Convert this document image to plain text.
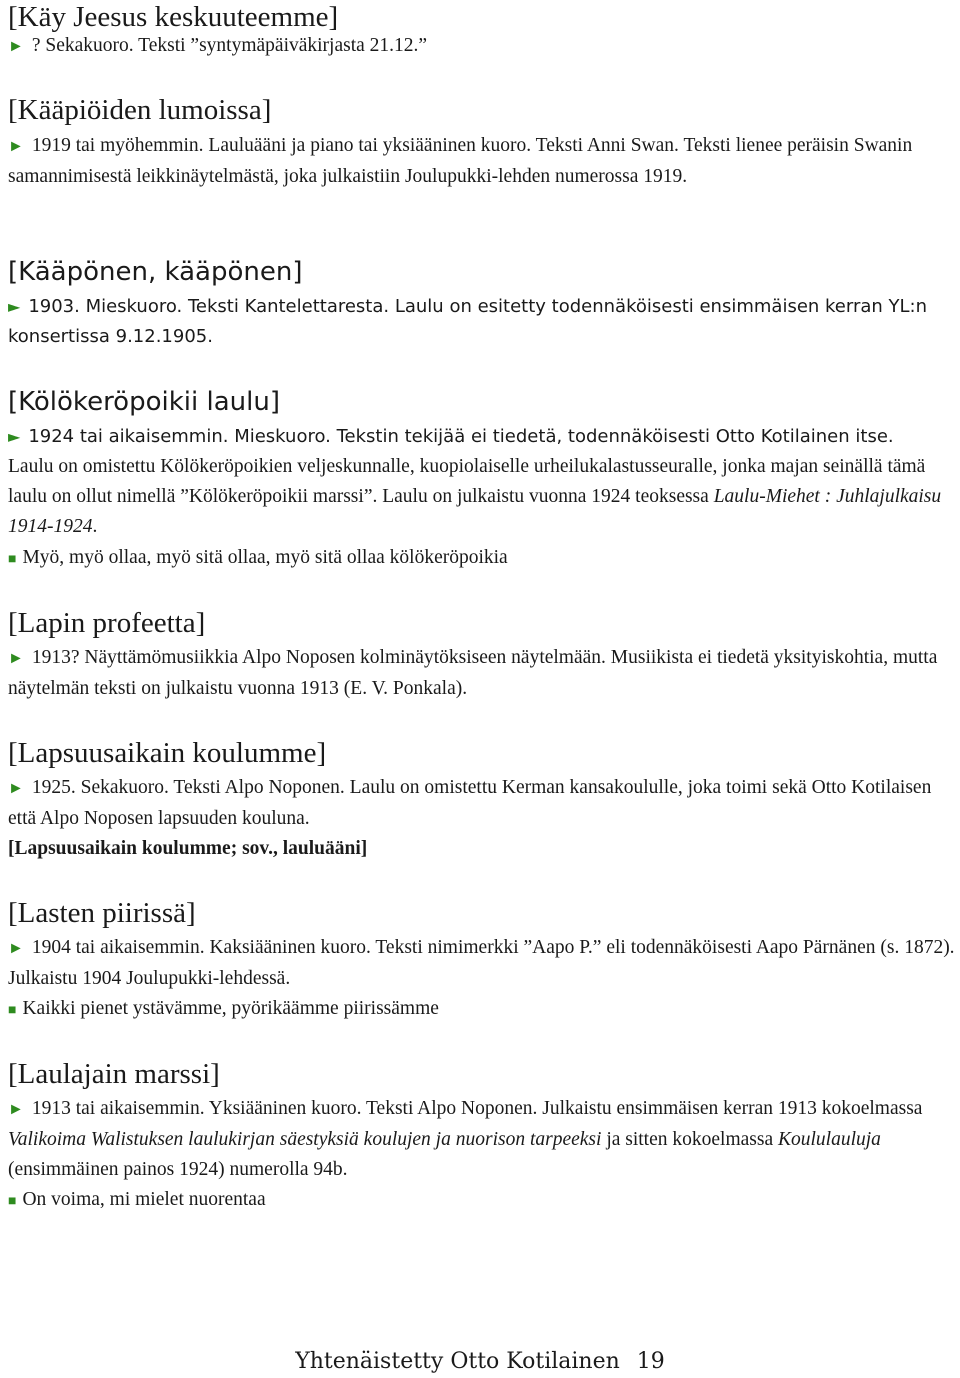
[Käy Jeesus keskuuteemme]

► ? Sekakuoro. Teksti ”syntymäpäiväkirjasta 21.12.”

[Kääpiöiden lumoissa]

► 1919 tai myöhemmin. Lauluääni ja piano tai yksiääninen kuoro. Teksti Anni Swan. Teksti lienee peräisin Swanin samannimisestä leikkinäytelmästä, joka julkaistiin Joulupukki-lehden numerossa 1919.

[Kääpönen, kääpönen]

► 1903. Mieskuoro. Teksti Kantelettaresta. Laulu on esitetty todennäköisesti ensimmäisen kerran YL:n konsertissa 9.12.1905.

[Kölökeröpoikii laulu]

► 1924 tai aikaisemmin. Mieskuoro. Tekstin tekijää ei tiedetä, todennäköisesti Otto Kotilainen itse.

Laulu on omistettu Kölökeröpoikien veljeskunnalle, kuopiolaiselle urheilukalastusseuralle, jonka majan seinällä tämä laulu on ollut nimellä ”Kölökeröpoikii marssi”. Laulu on julkaistu vuonna 1924 teoksessa Laulu-Miehet : Juhlajulkaisu 1914-1924.

■ Myö, myö ollaa, myö sitä ollaa, myö sitä ollaa kölökeröpoikia

[Lapin profeetta]

► 1913? Näyttämömusiikkia Alpo Noposen kolminäytöksiseen näytelmään. Musiikista ei tiedetä yksityiskohtia, mutta näytelmän teksti on julkaistu vuonna 1913 (E. V. Ponkala).

[Lapsuusaikain koulumme]

► 1925. Sekakuoro. Teksti Alpo Noponen. Laulu on omistettu Kerman kansakoululle, joka toimi sekä Otto Kotilaisen että Alpo Noposen lapsuuden kouluna.

[Lapsuusaikain koulumme; sov., lauluääni]

[Lasten piirissä]

► 1904 tai aikaisemmin. Kaksiääninen kuoro. Teksti nimimerkki ”Aapo P.” eli todennäköisesti Aapo Pärnänen (s. 1872). Julkaistu 1904 Joulupukki-lehdessä.

■ Kaikki pienet ystävämme, pyörikäämme piirissämme

[Laulajain marssi]

► 1913 tai aikaisemmin. Yksiääninen kuoro. Teksti Alpo Noponen. Julkaistu ensimmäisen kerran 1913 kokoelmassa Valikoima Walistuksen laulukirjan säestyksiä koulujen ja nuorison tarpeeksi ja sitten kokoelmassa Koululauluja (ensimmäinen painos 1924) numerolla 94b.

■ On voima, mi mielet nuorentaa

Yhtenäistetty Otto Kotilainen 19
